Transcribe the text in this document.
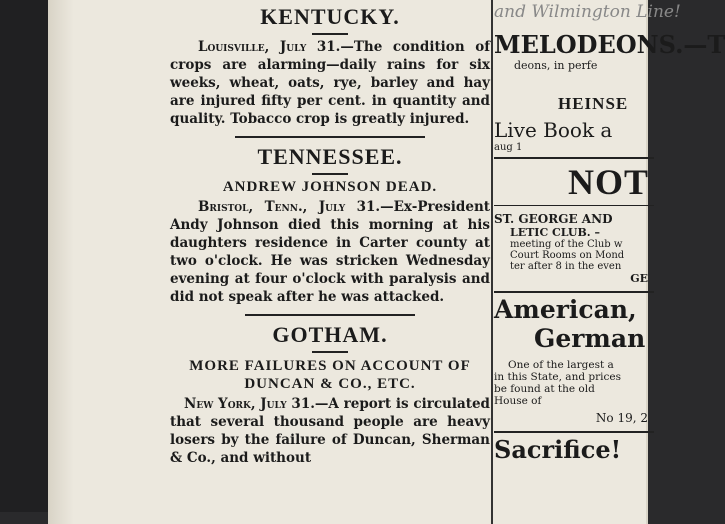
KENTUCKY.

Louisville, July 31.—The condition of crops are alarming—daily rains for six weeks, wheat, oats, rye, barley and hay are injured fifty per cent. in quantity and quality. Tobacco crop is greatly injured.

TENNESSEE.
ANDREW JOHNSON DEAD.

Bristol, Tenn., July 31.—Ex-President Andy Johnson died this morning at his daughters residence in Carter county at two o'clock. He was stricken Wednesday evening at four o'clock with paralysis and did not speak after he was attacked.

GOTHAM.
MORE FAILURES ON ACCOUNT OF DUNCAN & CO., ETC.

New York, July 31.—A report is circulated that several thousand people are heavy losers by the failure of Duncan, Sherman & Co., and without

and Wilmington Line!
MELODEONS.—T
deons, in perfe
HEINSE
Live Book a
aug 1
NOT
ST. GEORGE AND
LETIC CLUB. –
meeting of the Club w
Court Rooms on Mond
ter after 8 in the even
GE
American,
German
One of the largest a
in this State, and prices
be found at the old
House of
No 19, 2
Sacrifice!
